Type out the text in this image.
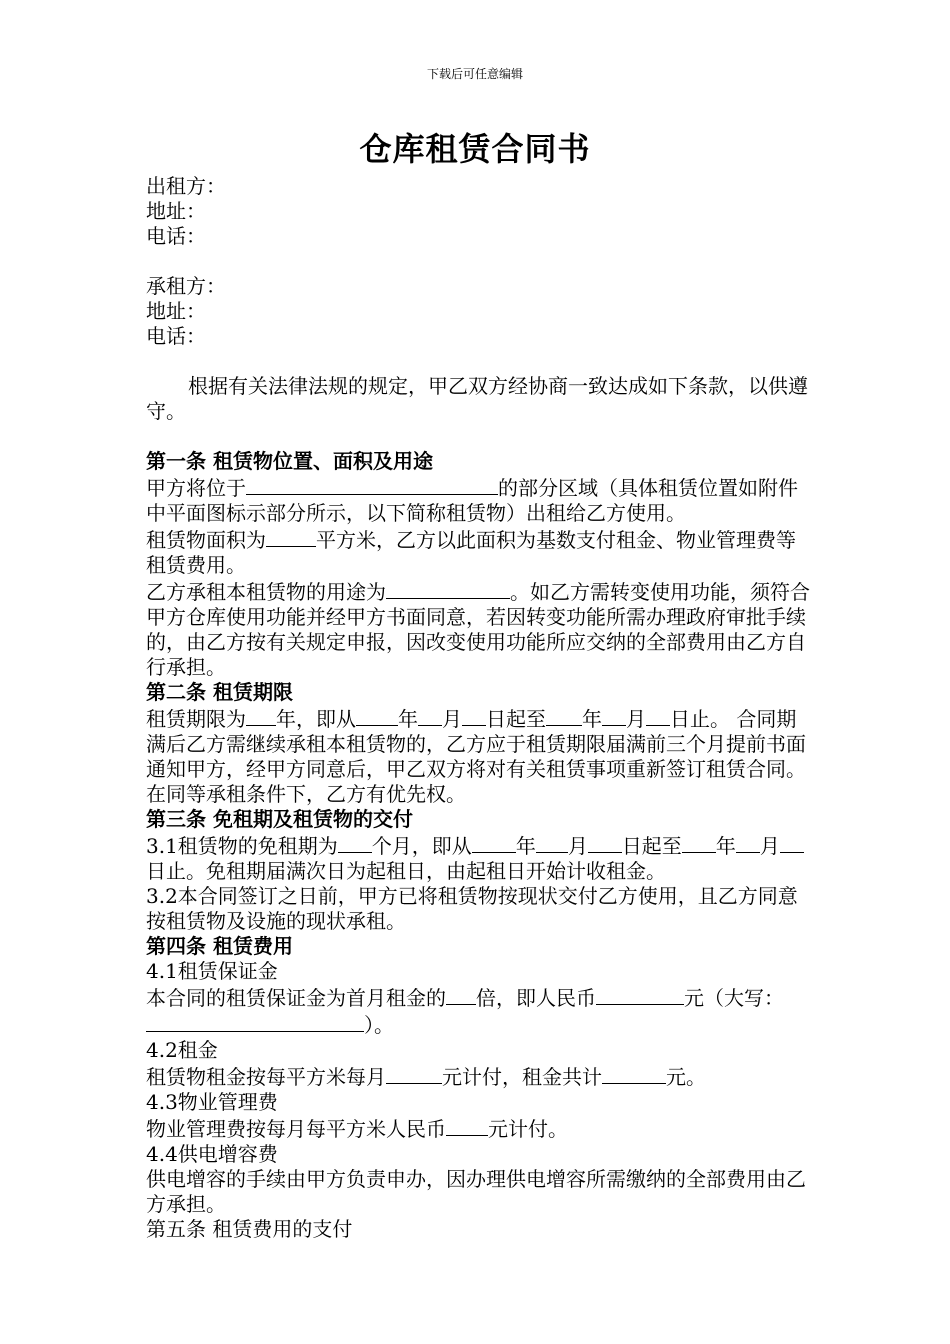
下载后可任意编辑
仓库租赁合同书

出租方：

地址：

电话：

承租方：

地址：

电话：

根据有关法律法规的规定，甲乙双方经协商一致达成如下条款，以供遵守。

第一条 租赁物位置、面积及用途

甲方将位于	的部分区域（具体租赁位置如附件中平面图标示部分所示，以下简称租赁物）出租给乙方使用。

租赁物面积为	平方米，乙方以此面积为基数支付租金、物业管理费等租赁费用。

乙方承租本租赁物的用途为	。如乙方需转变使用功能，须符合甲方仓库使用功能并经甲方书面同意，若因转变功能所需办理政府审批手续的，由乙方按有关规定申报，因改变使用功能所应交纳的全部费用由乙方自行承担。

第二条 租赁期限

租赁期限为 年，即从 年 月 日起至 年 月 日止。 合同期满后乙方需继续承租本租赁物的，乙方应于租赁期限届满前三个月提前书面通知甲方，经甲方同意后，甲乙双方将对有关租赁事项重新签订租赁合同。在同等承租条件下，乙方有优先权。

第三条 免租期及租赁物的交付

3.1租赁物的免租期为 个月，即从 年 月 日起至 年 月日止。免租期届满次日为起租日，由起租日开始计收租金。

3.2本合同签订之日前，甲方已将租赁物按现状交付乙方使用，且乙方同意按租赁物及设施的现状承租。

第四条 租赁费用

4.1租赁保证金

本合同的租赁保证金为首月租金的 倍，即人民币	元（大写：）。

4.2租金

租赁物租金按每平方米每月	元计付，租金共计	元。

4.3物业管理费

物业管理费按每月每平方米人民币 元计付。

4.4供电增容费

供电增容的手续由甲方负责申办，因办理供电增容所需缴纳的全部费用由乙方承担。

第五条 租赁费用的支付
